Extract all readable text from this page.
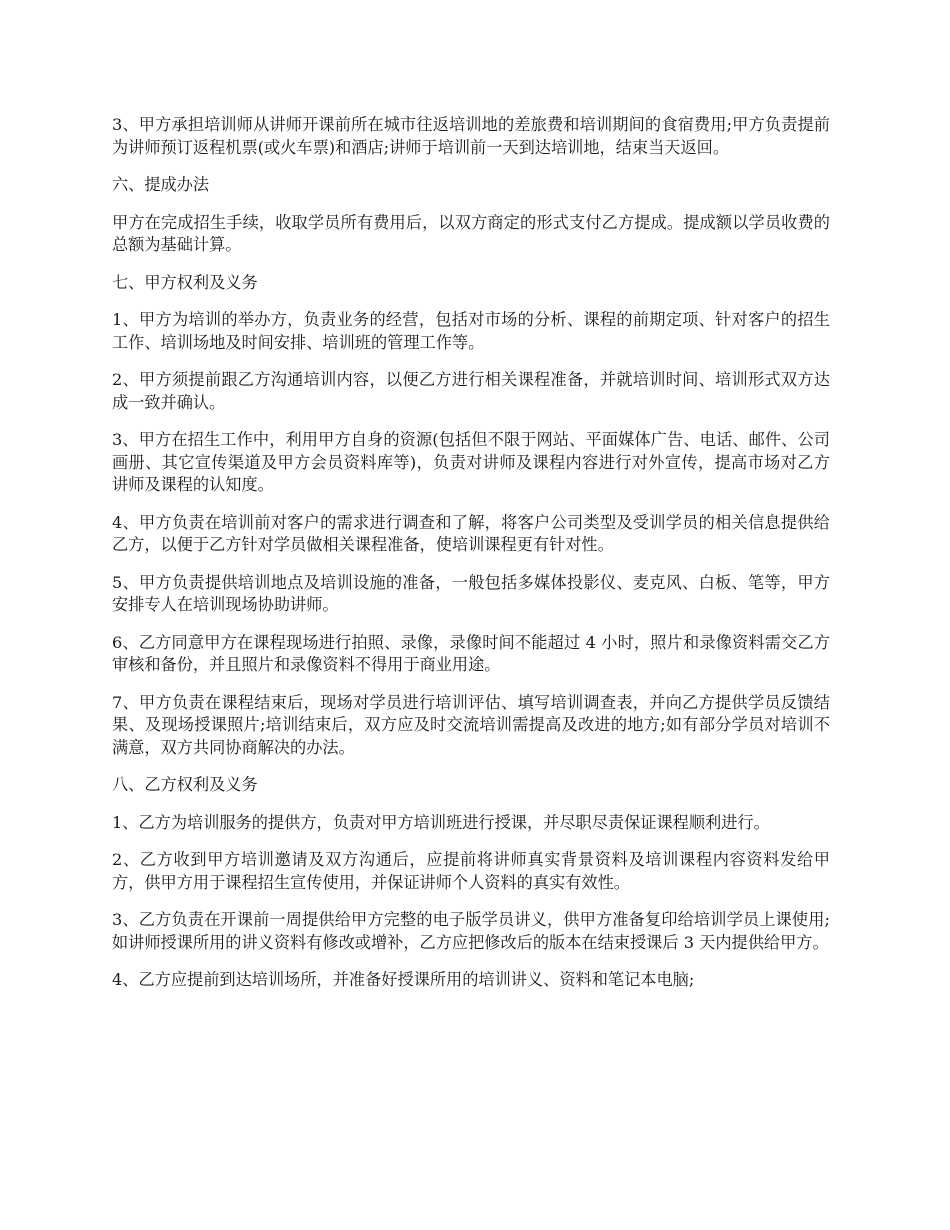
3、甲方承担培训师从讲师开课前所在城市往返培训地的差旅费和培训期间的食宿费用;甲方负责提前为讲师预订返程机票(或火车票)和酒店;讲师于培训前一天到达培训地，结束当天返回。

六、提成办法

甲方在完成招生手续，收取学员所有费用后，以双方商定的形式支付乙方提成。提成额以学员收费的总额为基础计算。

七、甲方权利及义务

1、甲方为培训的举办方，负责业务的经营，包括对市场的分析、课程的前期定项、针对客户的招生工作、培训场地及时间安排、培训班的管理工作等。

2、甲方须提前跟乙方沟通培训内容，以便乙方进行相关课程准备，并就培训时间、培训形式双方达成一致并确认。

3、甲方在招生工作中，利用甲方自身的资源(包括但不限于网站、平面媒体广告、电话、邮件、公司画册、其它宣传渠道及甲方会员资料库等)，负责对讲师及课程内容进行对外宣传，提高市场对乙方讲师及课程的认知度。

4、甲方负责在培训前对客户的需求进行调查和了解，将客户公司类型及受训学员的相关信息提供给乙方，以便于乙方针对学员做相关课程准备，使培训课程更有针对性。

5、甲方负责提供培训地点及培训设施的准备，一般包括多媒体投影仪、麦克风、白板、笔等，甲方安排专人在培训现场协助讲师。

6、乙方同意甲方在课程现场进行拍照、录像，录像时间不能超过 4 小时，照片和录像资料需交乙方审核和备份，并且照片和录像资料不得用于商业用途。

7、甲方负责在课程结束后，现场对学员进行培训评估、填写培训调查表，并向乙方提供学员反馈结果、及现场授课照片;培训结束后，双方应及时交流培训需提高及改进的地方;如有部分学员对培训不满意，双方共同协商解决的办法。

八、乙方权利及义务

1、乙方为培训服务的提供方，负责对甲方培训班进行授课，并尽职尽责保证课程顺利进行。

2、乙方收到甲方培训邀请及双方沟通后，应提前将讲师真实背景资料及培训课程内容资料发给甲方，供甲方用于课程招生宣传使用，并保证讲师个人资料的真实有效性。

3、乙方负责在开课前一周提供给甲方完整的电子版学员讲义，供甲方准备复印给培训学员上课使用;如讲师授课所用的讲义资料有修改或增补，乙方应把修改后的版本在结束授课后 3 天内提供给甲方。

4、乙方应提前到达培训场所，并准备好授课所用的培训讲义、资料和笔记本电脑;
